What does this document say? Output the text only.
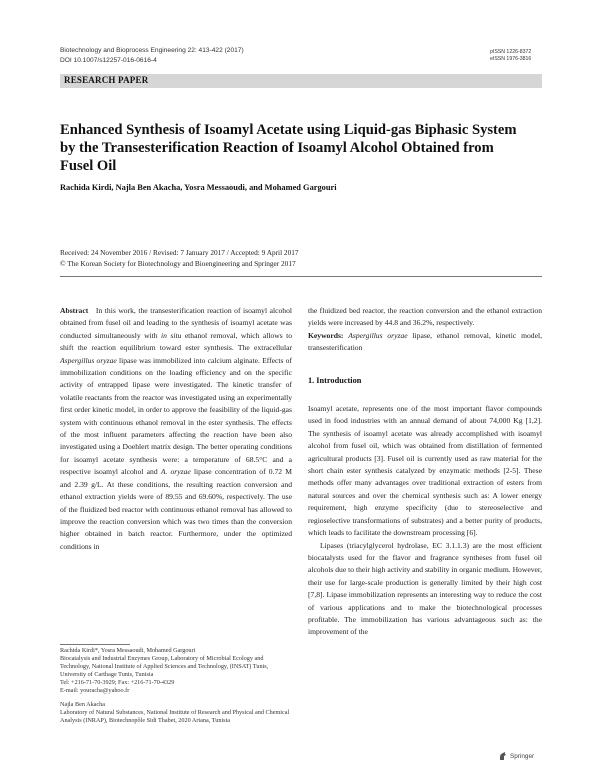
Biotechnology and Bioprocess Engineering 22: 413-422 (2017)
DOI 10.1007/s12257-016-0616-4
pISSN 1226-8372
eISSN 1976-3816
RESEARCH PAPER
Enhanced Synthesis of Isoamyl Acetate using Liquid-gas Biphasic System by the Transesterification Reaction of Isoamyl Alcohol Obtained from Fusel Oil
Rachida Kirdi, Najla Ben Akacha, Yosra Messaoudi, and Mohamed Gargouri
Received: 24 November 2016 / Revised: 7 January 2017 / Accepted: 9 April 2017
© The Korean Society for Biotechnology and Bioengineering and Springer 2017

Abstract In this work, the transesterification reaction of isoamyl alcohol obtained from fusel oil and leading to the synthesis of isoamyl acetate was conducted simultaneously with in situ ethanol removal, which allows to shift the reaction equilibrium toward ester synthesis. The extracellular Aspergillus oryzae lipase was immobilized into calcium alginate. Effects of immobilization conditions on the loading efficiency and on the specific activity of entrapped lipase were investigated. The kinetic transfer of volatile reactants from the reactor was investigated using an experimentally first order kinetic model, in order to approve the feasibility of the liquid-gas system with continuous ethanol removal in the ester synthesis. The effects of the most influent parameters affecting the reaction have been also investigated using a Doehlert matrix design. The better operating conditions for isoamyl acetate synthesis were: a temperature of 68.5°C and a respective isoamyl alcohol and A. oryzae lipase concentration of 0.72 M and 2.39 g/L. At these conditions, the resulting reaction conversion and ethanol extraction yields were of 89.55 and 69.60%, respectively. The use of the fluidized bed reactor with continuous ethanol removal has allowed to improve the reaction conversion which was two times than the conversion higher obtained in batch reactor. Furthermore, under the optimized conditions in

the fluidized bed reactor, the reaction conversion and the ethanol extraction yields were increased by 44.8 and 36.2%, respectively.

Keywords: Aspergillus oryzae lipase, ethanol removal, kinetic model, transesterification

1. Introduction

Isoamyl acetate, represents one of the most important flavor compounds used in food industries with an annual demand of about 74,000 Kg [1,2]. The synthesis of isoamyl acetate was already accomplished with isoamyl alcohol from fusel oil, which was obtained from distillation of fermented agricultural products [3]. Fusel oil is currently used as raw material for the short chain ester synthesis catalyzed by enzymatic methods [2-5]. These methods offer many advantages over traditional extraction of esters from natural sources and over the chemical synthesis such as: A lower energy requirement, high enzyme specificity (due to stereoselective and regioselective transformations of substrates) and a better purity of products, which leads to facilitate the downstream processing [6].

Lipases (triacylglycerol hydrolase, EC 3.1.1.3) are the most efficient biocatalysts used for the flavor and fragrance syntheses from fusel oil alcohols due to their high activity and stability in organic medium. However, their use for large-scale production is generally limited by their high cost [7,8]. Lipase immobilization represents an interesting way to reduce the cost of various applications and to make the biotechnological processes profitable. The immobilization has various advantageous such as: the improvement of the

Rachida Kirdi*, Yosra Messaoudi, Mohamed Gargouri

Biocatalysis and Industrial Enzymes Group, Laboratory of Microbial Ecology and Technology, National Institute of Applied Sciences and Technology, (INSAT) Tunis, University of Carthage Tunis, Tunisia

Tel: +216-71-70-3929; Fax: +216-71-70-4329

E-mail: yourachа@yahoo.fr

Najla Ben Akacha

Laboratory of Natural Substances, National Institute of Research and Physical and Chemical Analysis (INRAP), Biotechnopôle Sidi Thabet, 2020 Ariana, Tunisia

Springer
